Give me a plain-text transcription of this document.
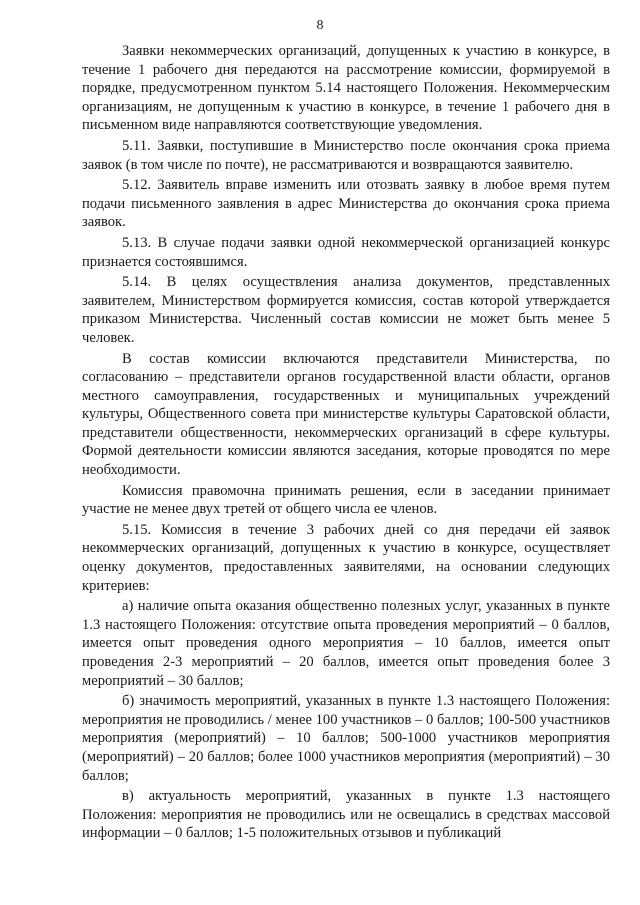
8

Заявки некоммерческих организаций, допущенных к участию в конкурсе, в течение 1 рабочего дня передаются на рассмотрение комиссии, формируемой в порядке, предусмотренном пунктом 5.14 настоящего Положения. Некоммерческим организациям, не допущенным к участию в конкурсе, в течение 1 рабочего дня в письменном виде направляются соответствующие уведомления.

5.11. Заявки, поступившие в Министерство после окончания срока приема заявок (в том числе по почте), не рассматриваются и возвращаются заявителю.

5.12. Заявитель вправе изменить или отозвать заявку в любое время путем подачи письменного заявления в адрес Министерства до окончания срока приема заявок.

5.13. В случае подачи заявки одной некоммерческой организацией конкурс признается состоявшимся.

5.14. В целях осуществления анализа документов, представленных заявителем, Министерством формируется комиссия, состав которой утверждается приказом Министерства. Численный состав комиссии не может быть менее 5 человек.

В состав комиссии включаются представители Министерства, по согласованию – представители органов государственной власти области, органов местного самоуправления, государственных и муниципальных учреждений культуры, Общественного совета при министерстве культуры Саратовской области, представители общественности, некоммерческих организаций в сфере культуры. Формой деятельности комиссии являются заседания, которые проводятся по мере необходимости.

Комиссия правомочна принимать решения, если в заседании принимает участие не менее двух третей от общего числа ее членов.

5.15. Комиссия в течение 3 рабочих дней со дня передачи ей заявок некоммерческих организаций, допущенных к участию в конкурсе, осуществляет оценку документов, предоставленных заявителями, на основании следующих критериев:

а) наличие опыта оказания общественно полезных услуг, указанных в пункте 1.3 настоящего Положения: отсутствие опыта проведения мероприятий – 0 баллов, имеется опыт проведения одного мероприятия – 10 баллов, имеется опыт проведения 2-3 мероприятий – 20 баллов, имеется опыт проведения более 3 мероприятий – 30 баллов;

б) значимость мероприятий, указанных в пункте 1.3 настоящего Положения: мероприятия не проводились / менее 100 участников – 0 баллов; 100-500 участников мероприятия (мероприятий) – 10 баллов; 500-1000 участников мероприятия (мероприятий) – 20 баллов; более 1000 участников мероприятия (мероприятий) – 30 баллов;

в) актуальность мероприятий, указанных в пункте 1.3 настоящего Положения: мероприятия не проводились или не освещались в средствах массовой информации – 0 баллов; 1-5 положительных отзывов и публикаций
